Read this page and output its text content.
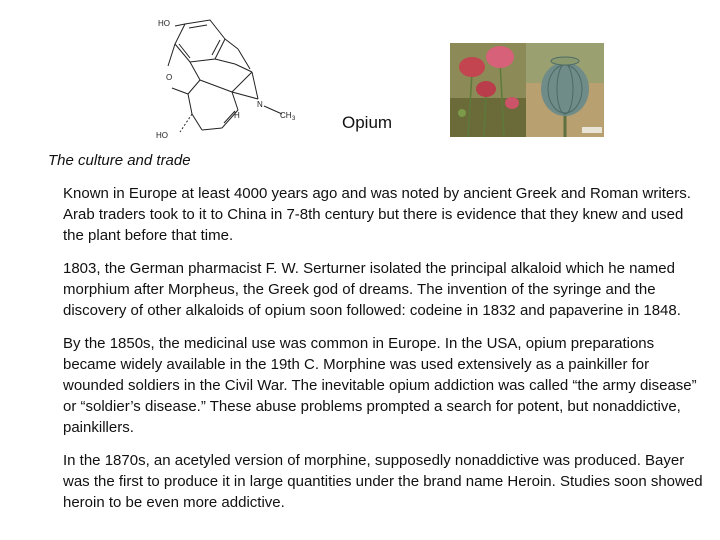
HO
O
N
CH 3
H
HO
Opium
The culture and trade

Known in Europe at least 4000 years ago and was noted by ancient Greek and Roman writers. Arab traders took to it to China in 7-8th century but there is evidence that they knew and used the plant before that time.

1803, the German pharmacist F. W. Serturner isolated the principal alkaloid which he named morphium after Morpheus, the Greek god of dreams. The invention of the syringe and the discovery of other alkaloids of opium soon followed: codeine in 1832 and papaverine in 1848.

By the 1850s, the medicinal use was common in Europe. In the USA, opium preparations became widely available in the 19th C. Morphine was used extensively as a painkiller for wounded soldiers in the Civil War. The inevitable opium addiction was called “the army disease” or “soldier’s disease.” These abuse problems prompted a search for potent, but nonaddictive, painkillers.

In the 1870s, an acetyled version of morphine, supposedly nonaddictive was produced. Bayer was the first to produce it in large quantities under the brand name Heroin. Studies soon showed heroin to be even more addictive.
